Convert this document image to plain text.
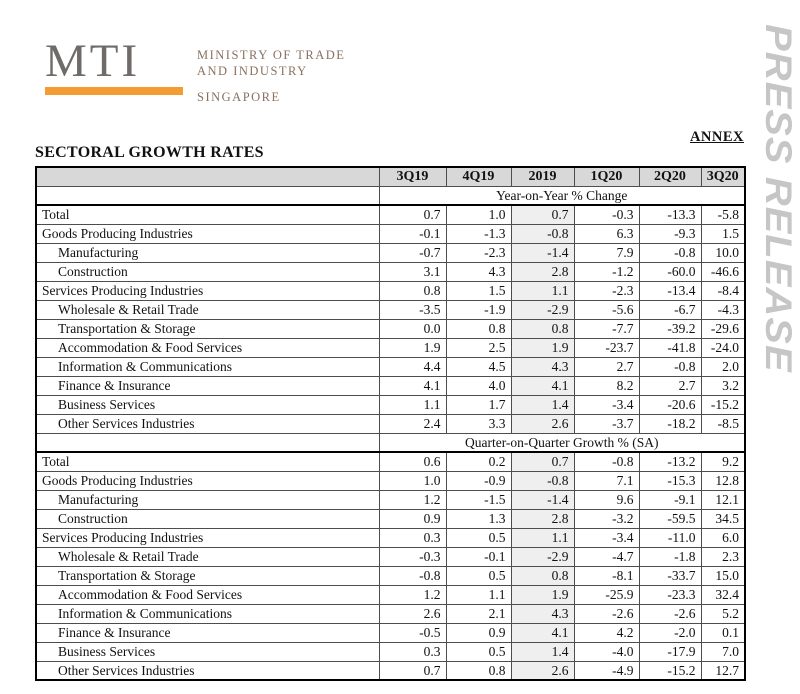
PRESS RELEASE
MTI	MINISTRY OF TRADE
AND INDUSTRY
SINGAPORE
ANNEX
SECTORAL GROWTH RATES
	3Q19	4Q19	2019	1Q20	2Q20	3Q20
	Year-on-Year % Change					
Total	0.7	1.0	0.7	-0.3	-13.3	-5.8
Goods Producing Industries	-0.1	-1.3	-0.8	6.3	-9.3	1.5
Manufacturing	-0.7	-2.3	-1.4	7.9	-0.8	10.0
Construction	3.1	4.3	2.8	-1.2	-60.0	-46.6
Services Producing Industries	0.8	1.5	1.1	-2.3	-13.4	-8.4
Wholesale & Retail Trade	-3.5	-1.9	-2.9	-5.6	-6.7	-4.3
Transportation & Storage	0.0	0.8	0.8	-7.7	-39.2	-29.6
Accommodation & Food Services	1.9	2.5	1.9	-23.7	-41.8	-24.0
Information & Communications	4.4	4.5	4.3	2.7	-0.8	2.0
Finance & Insurance	4.1	4.0	4.1	8.2	2.7	3.2
Business Services	1.1	1.7	1.4	-3.4	-20.6	-15.2
Other Services Industries	2.4	3.3	2.6	-3.7	-18.2	-8.5
	Quarter-on-Quarter Growth % (SA)					
Total	0.6	0.2	0.7	-0.8	-13.2	9.2
Goods Producing Industries	1.0	-0.9	-0.8	7.1	-15.3	12.8
Manufacturing	1.2	-1.5	-1.4	9.6	-9.1	12.1
Construction	0.9	1.3	2.8	-3.2	-59.5	34.5
Services Producing Industries	0.3	0.5	1.1	-3.4	-11.0	6.0
Wholesale & Retail Trade	-0.3	-0.1	-2.9	-4.7	-1.8	2.3
Transportation & Storage	-0.8	0.5	0.8	-8.1	-33.7	15.0
Accommodation & Food Services	1.2	1.1	1.9	-25.9	-23.3	32.4
Information & Communications	2.6	2.1	4.3	-2.6	-2.6	5.2
Finance & Insurance	-0.5	0.9	4.1	4.2	-2.0	0.1
Business Services	0.3	0.5	1.4	-4.0	-17.9	7.0
Other Services Industries	0.7	0.8	2.6	-4.9	-15.2	12.7
